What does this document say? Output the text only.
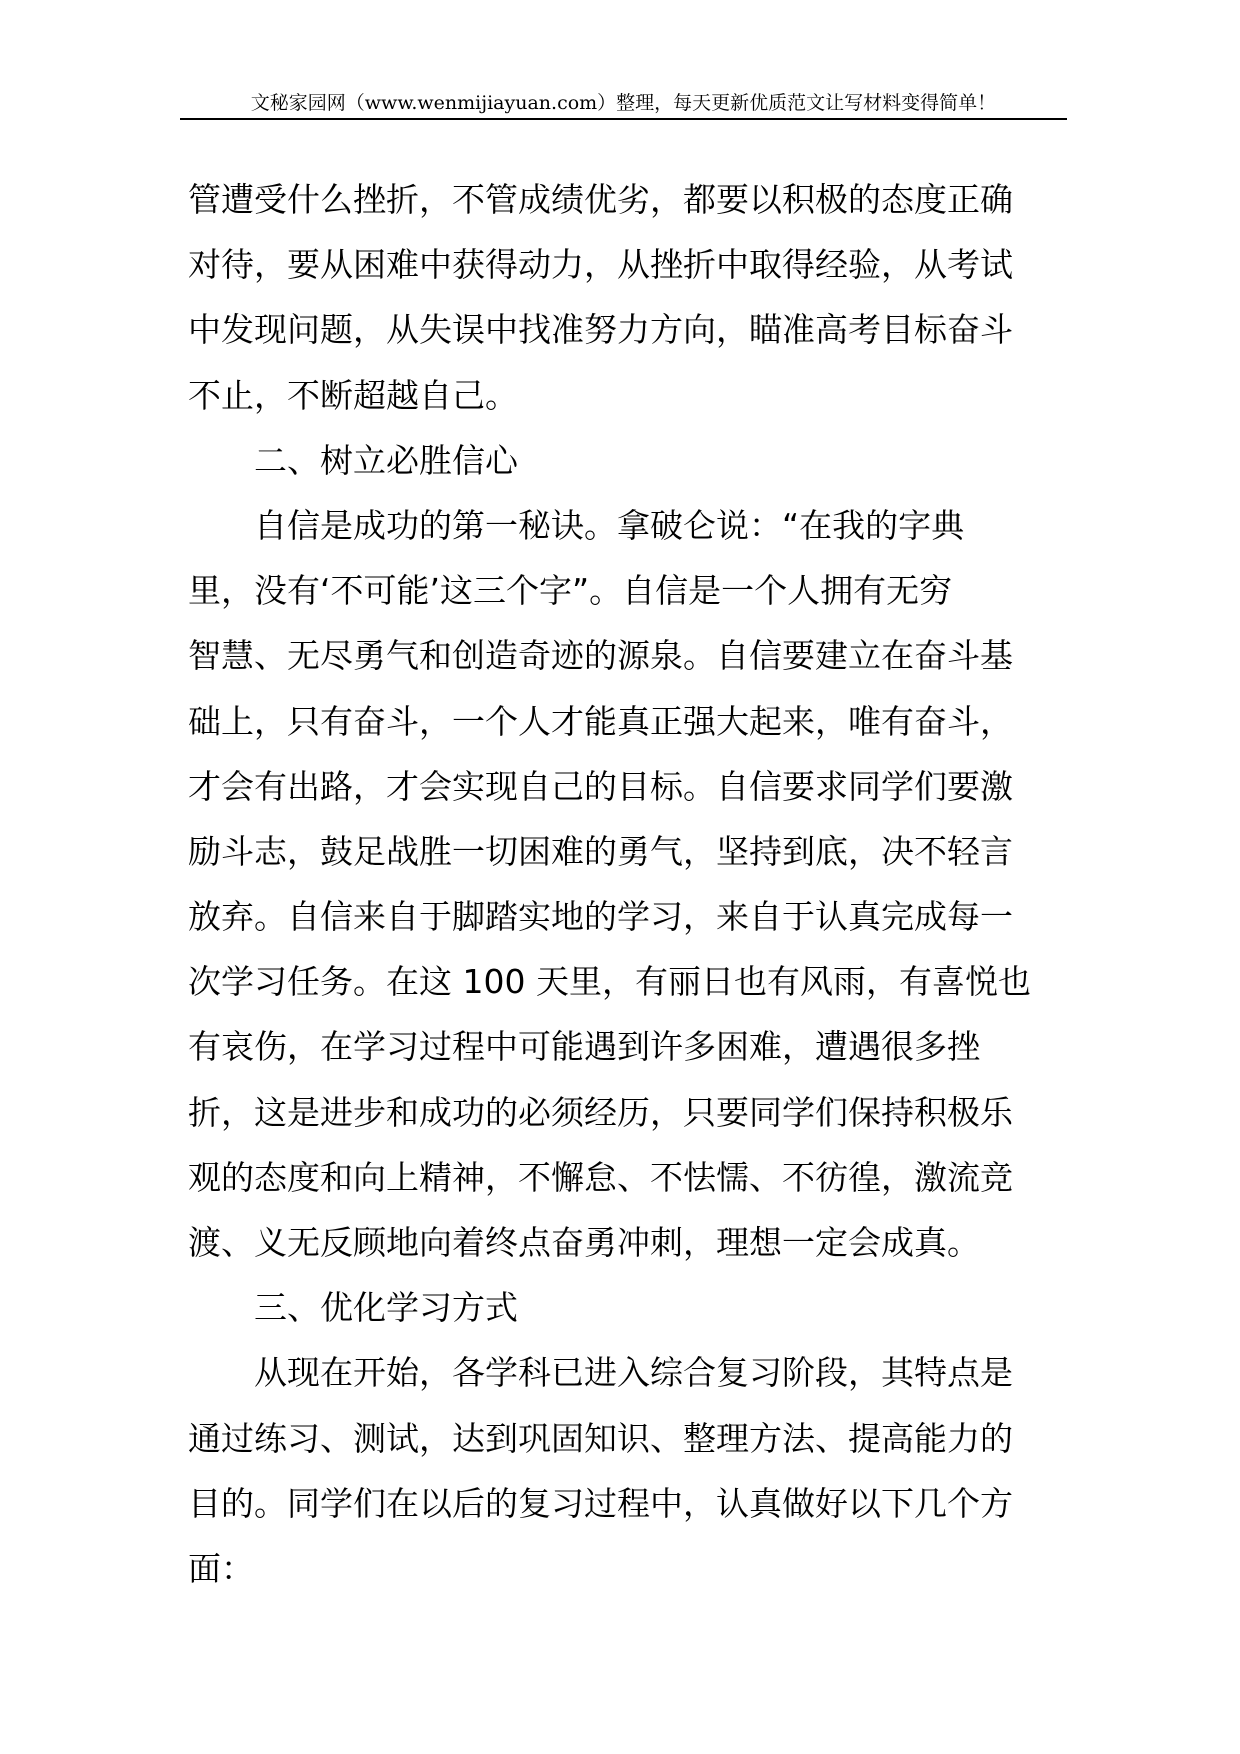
文秘家园网（www.wenmijiayuan.com）整理，每天更新优质范文让写材料变得简单！
管遭受什么挫折，不管成绩优劣，都要以积极的态度正确
对待，要从困难中获得动力，从挫折中取得经验，从考试
中发现问题，从失误中找准努力方向，瞄准高考目标奋斗
不止，不断超越自己。
二、树立必胜信心
自信是成功的第一秘诀。拿破仑说：“在我的字典
里，没有‘不可能’这三个字”。自信是一个人拥有无穷
智慧、无尽勇气和创造奇迹的源泉。自信要建立在奋斗基
础上，只有奋斗，一个人才能真正强大起来，唯有奋斗，
才会有出路，才会实现自己的目标。自信要求同学们要激
励斗志，鼓足战胜一切困难的勇气，坚持到底，决不轻言
放弃。自信来自于脚踏实地的学习，来自于认真完成每一
次学习任务。在这 100 天里，有丽日也有风雨，有喜悦也
有哀伤，在学习过程中可能遇到许多困难，遭遇很多挫
折，这是进步和成功的必须经历，只要同学们保持积极乐
观的态度和向上精神，不懈怠、不怯懦、不彷徨，激流竞
渡、义无反顾地向着终点奋勇冲刺，理想一定会成真。
三、优化学习方式
从现在开始，各学科已进入综合复习阶段，其特点是
通过练习、测试，达到巩固知识、整理方法、提高能力的
目的。同学们在以后的复习过程中，认真做好以下几个方
面：
